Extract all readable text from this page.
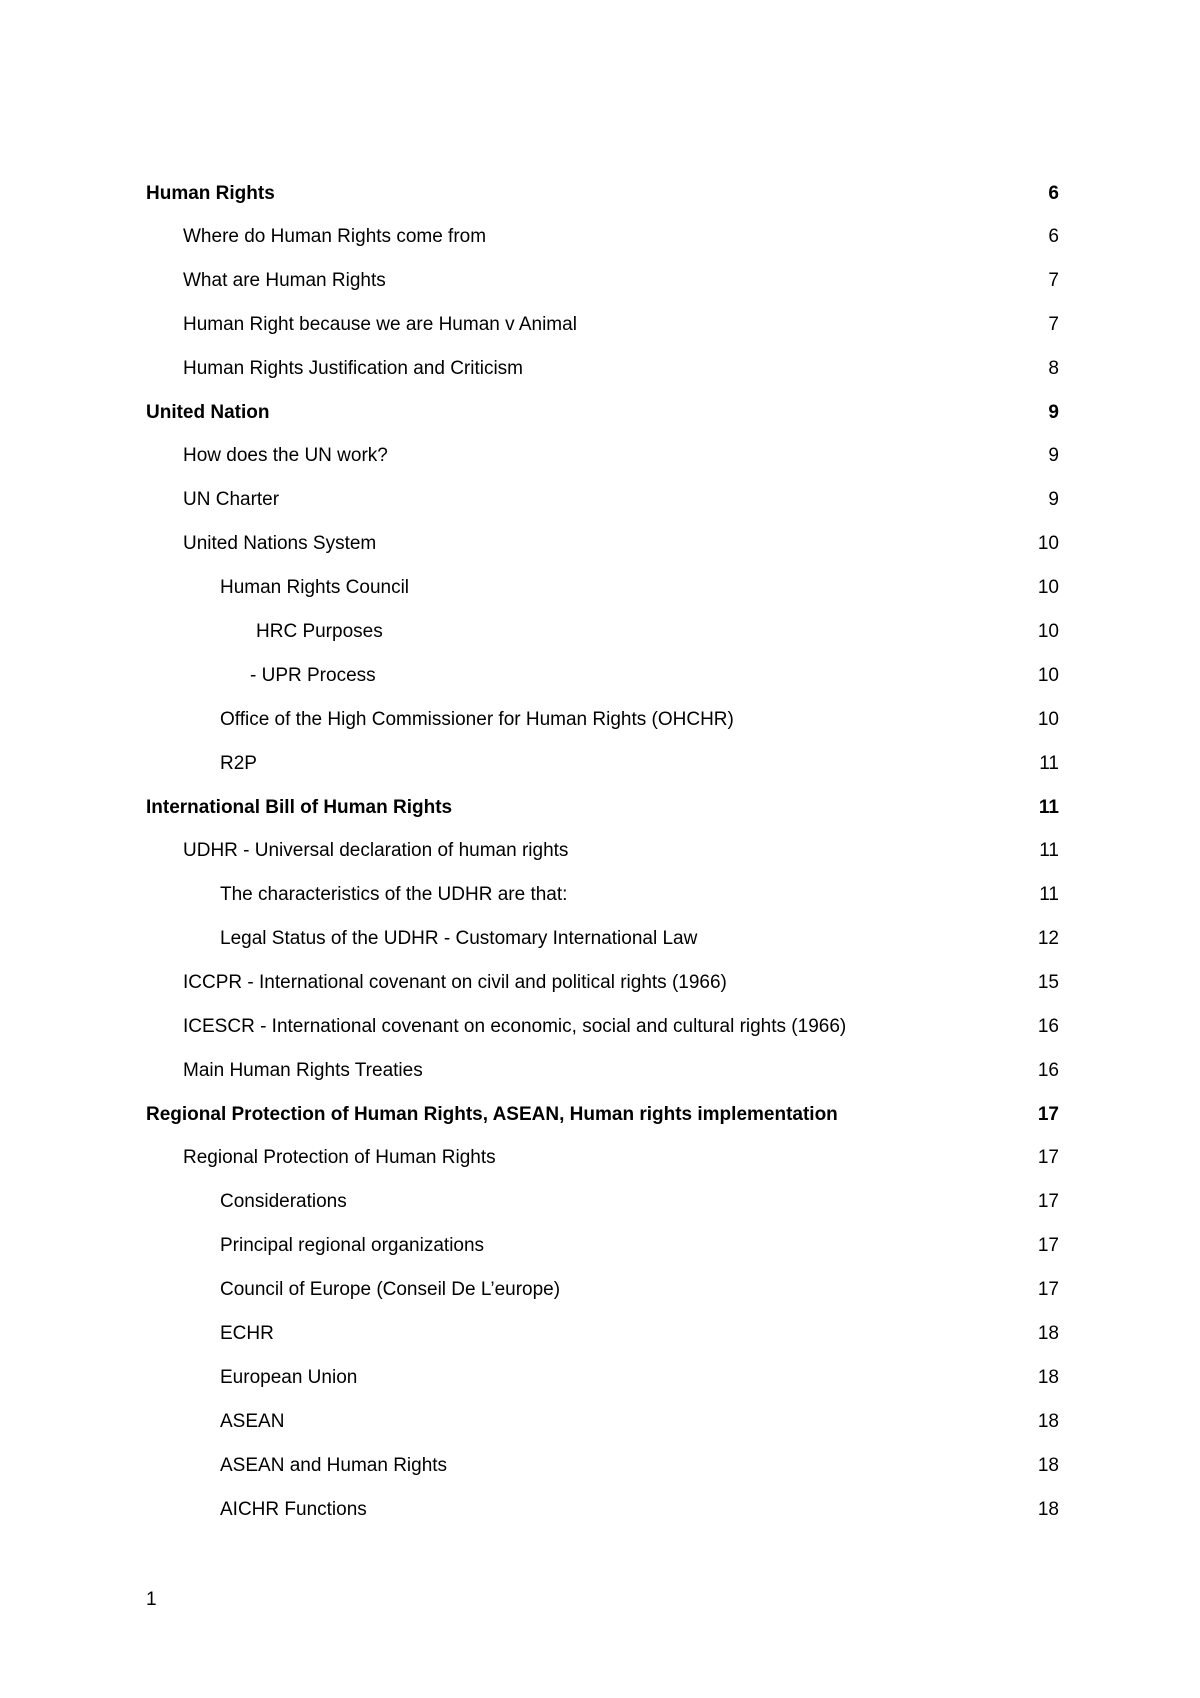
Human Rights	6
Where do Human Rights come from	6
What are Human Rights	7
Human Right because we are Human v Animal	7
Human Rights Justification and Criticism	8
United Nation	9
How does the UN work?	9
UN Charter	9
United Nations System	10
Human Rights Council	10
HRC Purposes	10
- UPR Process	10
Office of the High Commissioner for Human Rights (OHCHR)	10
R2P	11
International Bill of Human Rights	11
UDHR - Universal declaration of human rights	11
The characteristics of the UDHR are that:	11
Legal Status of the UDHR - Customary International Law	12
ICCPR - International covenant on civil and political rights (1966)	15
ICESCR - International covenant on economic, social and cultural rights (1966)	16
Main Human Rights Treaties	16
Regional Protection of Human Rights, ASEAN, Human rights implementation	17
Regional Protection of Human Rights	17
Considerations	17
Principal regional organizations	17
Council of Europe (Conseil De L’europe)	17
ECHR	18
European Union	18
ASEAN	18
ASEAN and Human Rights	18
AICHR Functions	18
1
